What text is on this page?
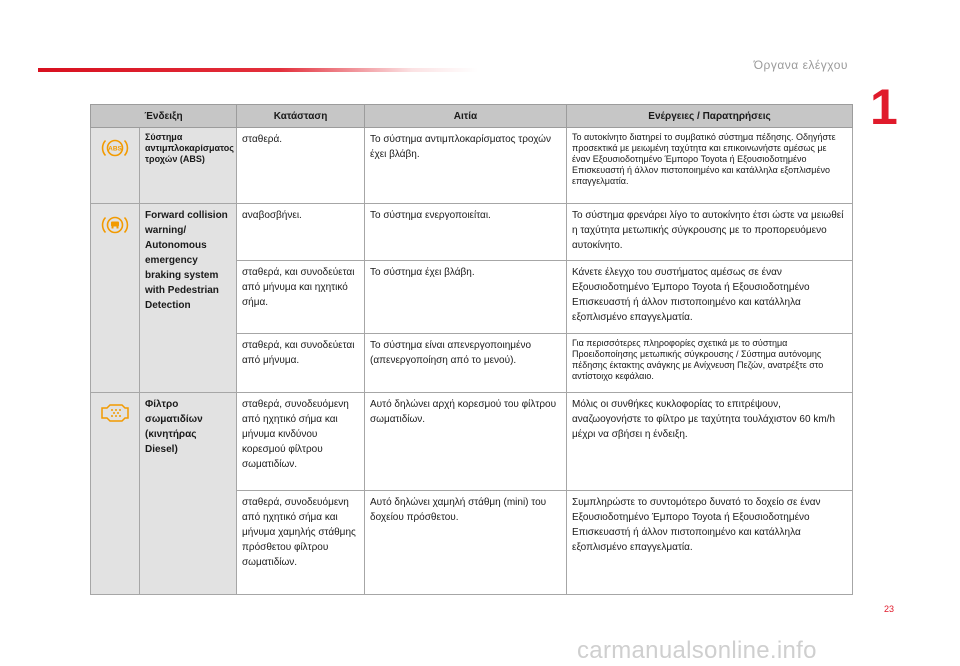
Όργανα ελέγχου
1
Ένδειξη		Κατάσταση	Αιτία	Ενέργειες / Παρατηρήσεις

ABS	Σύστημα αντιμπλοκαρίσματος τροχών (ABS)	σταθερά.	Το σύστημα αντιμπλοκαρίσματος τροχών έχει βλάβη.	Το αυτοκίνητο διατηρεί το συμβατικό σύστημα πέδησης. Οδηγήστε προσεκτικά με μειωμένη ταχύτητα και επικοινωνήστε αμέσως με έναν Εξουσιοδοτημένο Έμπορο Toyota ή Εξουσιοδοτημένο Επισκευαστή ή άλλον πιστοποιημένο και κατάλληλα εξοπλισμένο επαγγελματία.

	Forward collision warning/ Autonomous emergency braking system with Pedestrian Detection	αναβοσβήνει.	Το σύστημα ενεργοποιείται.	Το σύστημα φρενάρει λίγο το αυτοκίνητο έτσι ώστε να μειωθεί η ταχύτητα μετωπικής σύγκρουσης με το προπορευόμενο αυτοκίνητο.
		σταθερά, και συνοδεύεται από μήνυμα και ηχητικό σήμα.	Το σύστημα έχει βλάβη.	Κάνετε έλεγχο του συστήματος αμέσως σε έναν Εξουσιοδοτημένο Έμπορο Toyota ή Εξουσιοδοτημένο Επισκευαστή ή άλλον πιστοποιημένο και κατάλληλα εξοπλισμένο επαγγελματία.
		σταθερά, και συνοδεύεται από μήνυμα.	Το σύστημα είναι απενεργοποιημένο (απενεργοποίηση από το μενού).	Για περισσότερες πληροφορίες σχετικά με το σύστημα Προειδοποίησης μετωπικής σύγκρουσης / Σύστημα αυτόνομης πέδησης έκτακτης ανάγκης με Ανίχνευση Πεζών, ανατρέξτε στο αντίστοιχο κεφάλαιο.

	Φίλτρο σωματιδίων (κινητήρας Diesel)	σταθερά, συνοδευόμενη από ηχητικό σήμα και μήνυμα κινδύνου κορεσμού φίλτρου σωματιδίων.	Αυτό δηλώνει αρχή κορεσμού του φίλτρου σωματιδίων.	Μόλις οι συνθήκες κυκλοφορίας το επιτρέψουν, αναζωογονήστε το φίλτρο με ταχύτητα τουλάχιστον 60 km/h μέχρι να σβήσει η ένδειξη.
		σταθερά, συνοδευόμενη από ηχητικό σήμα και μήνυμα χαμηλής στάθμης πρόσθετου φίλτρου σωματιδίων.	Αυτό δηλώνει χαμηλή στάθμη (mini) του δοχείου πρόσθετου.	Συμπληρώστε το συντομότερο δυνατό το δοχείο σε έναν Εξουσιοδοτημένο Έμπορο Toyota ή Εξουσιοδοτημένο Επισκευαστή ή άλλον πιστοποιημένο και κατάλληλα εξοπλισμένο επαγγελματία.
23
carmanualsonline.info
